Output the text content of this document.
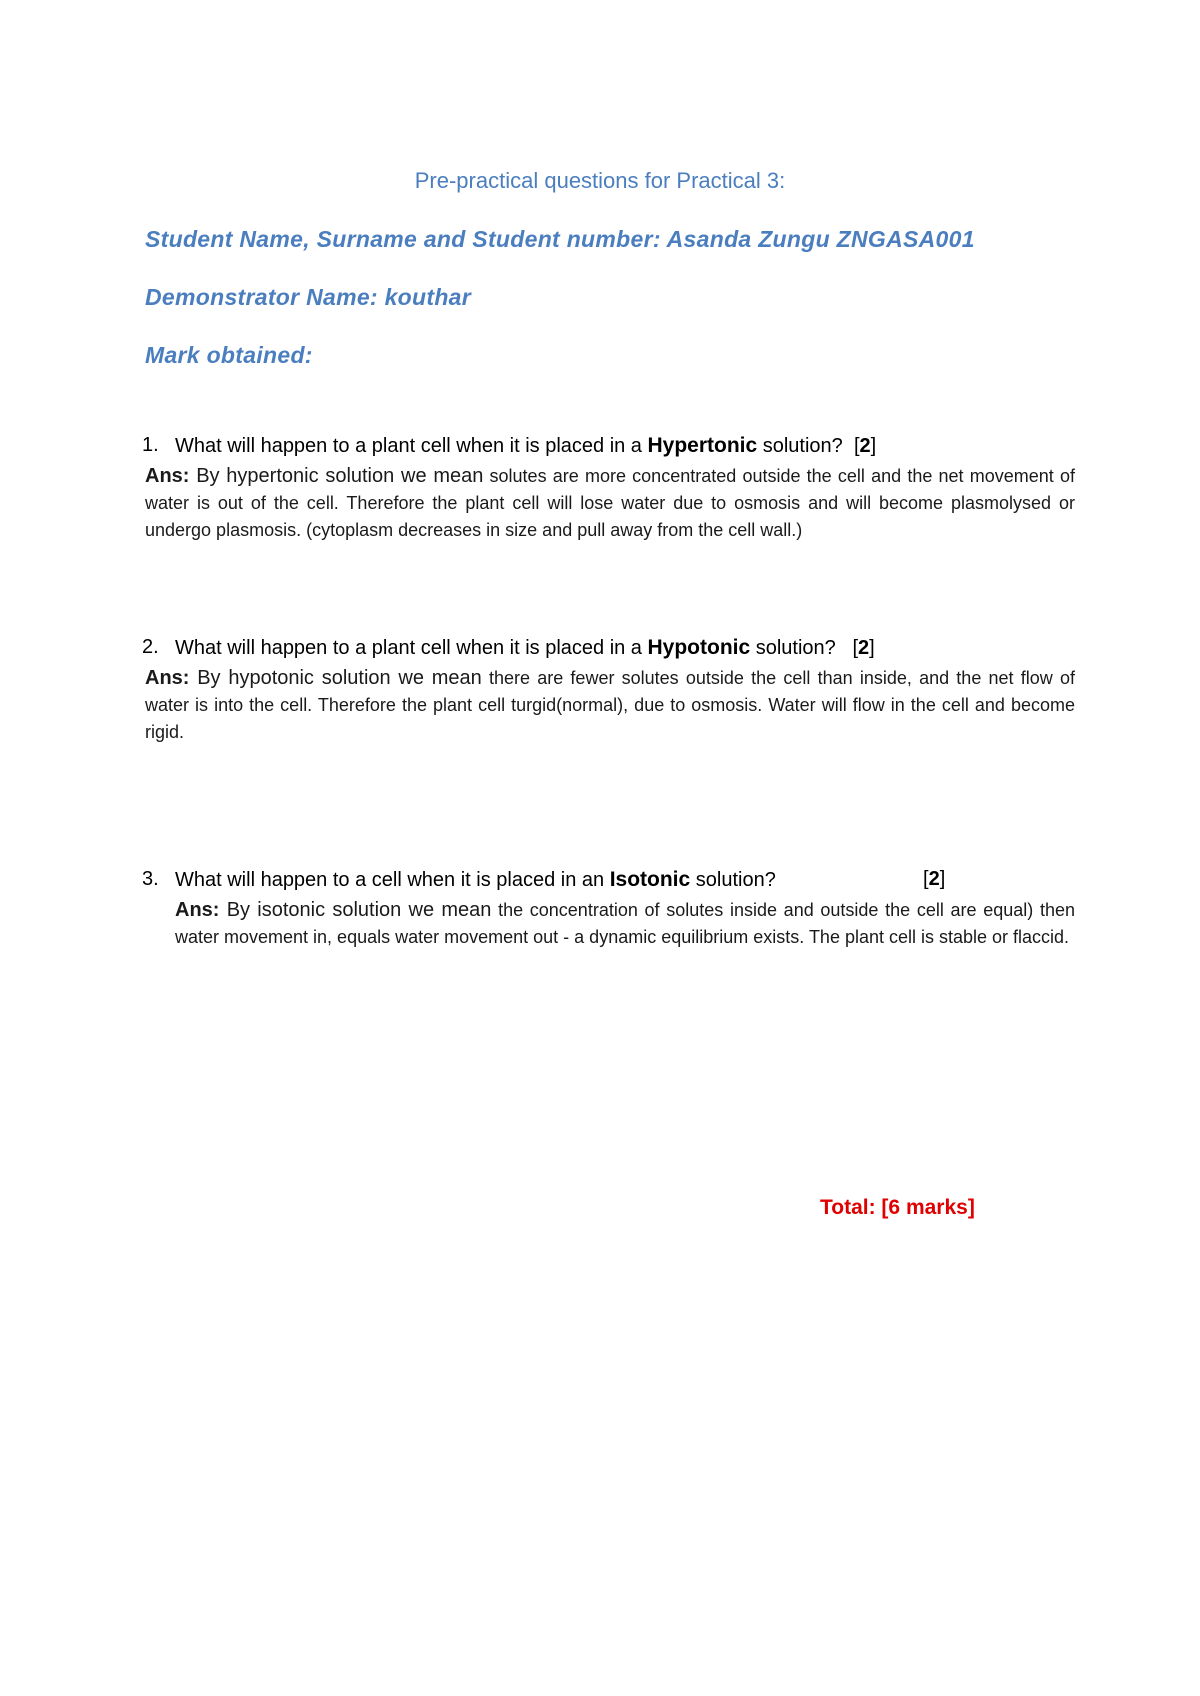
Pre-practical questions for Practical 3:
Student Name, Surname and Student number: Asanda Zungu ZNGASA001
Demonstrator Name: kouthar
Mark obtained:
1. What will happen to a plant cell when it is placed in a Hypertonic solution? [2]
Ans: By hypertonic solution we mean solutes are more concentrated outside the cell and the net movement of water is out of the cell. Therefore the plant cell will lose water due to osmosis and will become plasmolysed or undergo plasmosis. (cytoplasm decreases in size and pull away from the cell wall.)
2. What will happen to a plant cell when it is placed in a Hypotonic solution? [2]
Ans: By hypotonic solution we mean there are fewer solutes outside the cell than inside, and the net flow of water is into the cell. Therefore the plant cell turgid(normal), due to osmosis. Water will flow in the cell and become rigid.
3. What will happen to a cell when it is placed in an Isotonic solution?	[2]
Ans: By isotonic solution we mean the concentration of solutes inside and outside the cell are equal) then water movement in, equals water movement out - a dynamic equilibrium exists. The plant cell is stable or flaccid.
Total: [6 marks]
